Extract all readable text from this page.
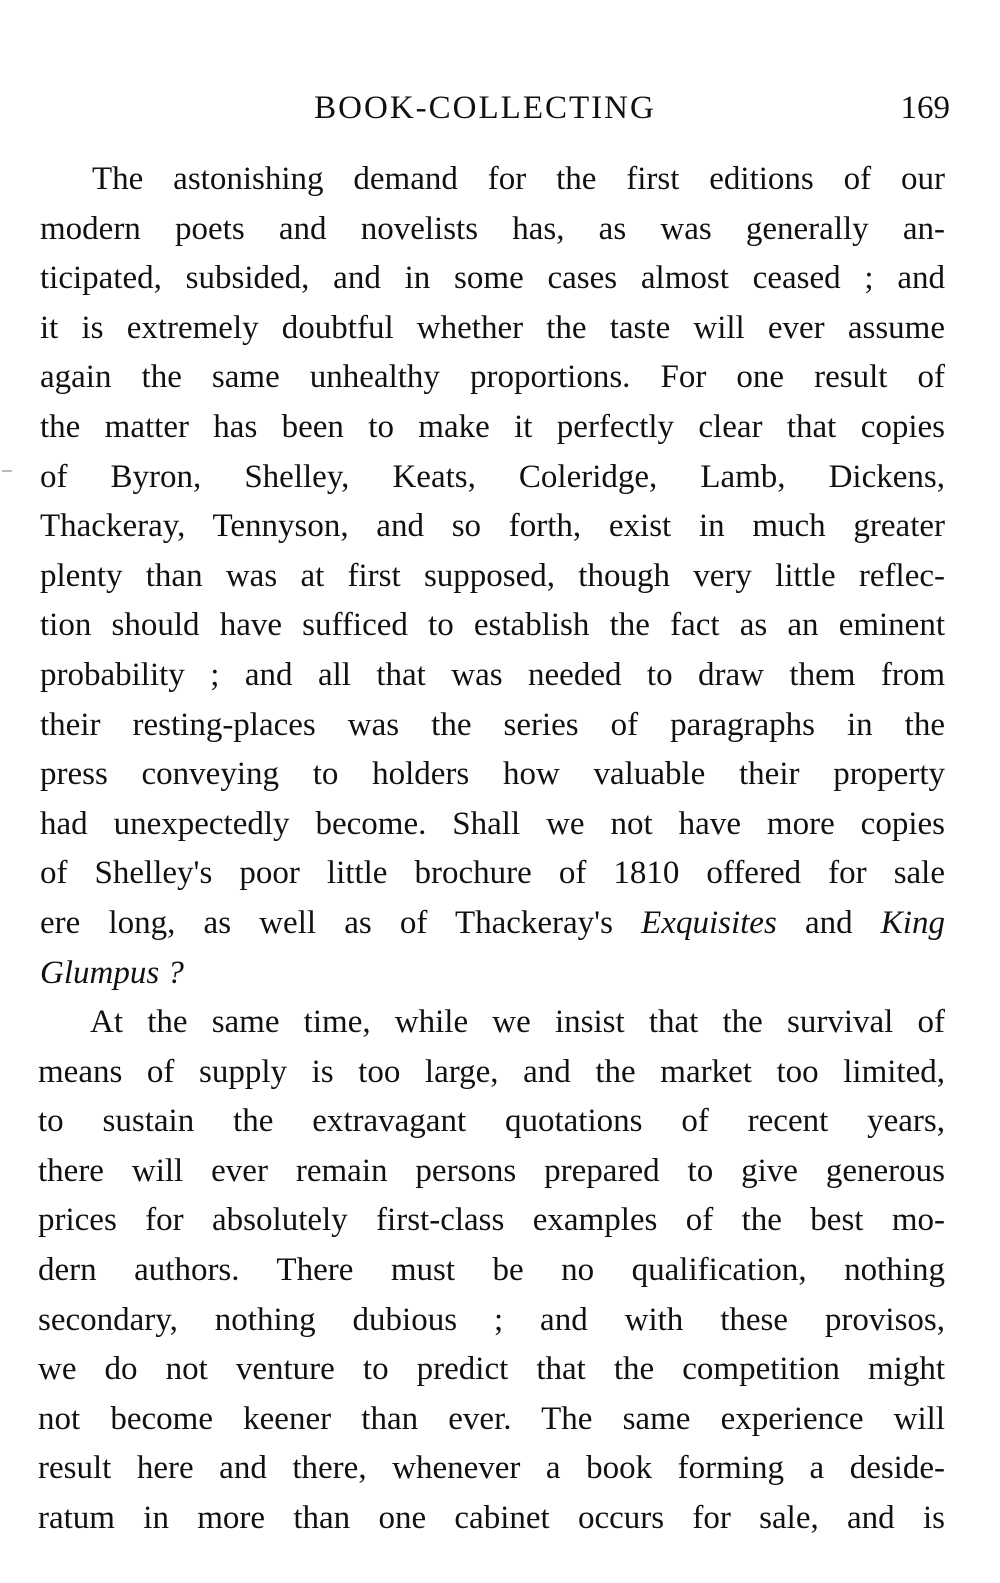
BOOK-COLLECTING	169
The astonishing demand for the first editions of our
modern poets and novelists has, as was generally an-
ticipated, subsided, and in some cases almost ceased ; and
it is extremely doubtful whether the taste will ever assume
again the same unhealthy proportions. For one result of
the matter has been to make it perfectly clear that copies
of Byron, Shelley, Keats, Coleridge, Lamb, Dickens,
Thackeray, Tennyson, and so forth, exist in much greater
plenty than was at first supposed, though very little reflec-
tion should have sufficed to establish the fact as an eminent
probability ; and all that was needed to draw them from
their resting-places was the series of paragraphs in the
press conveying to holders how valuable their property
had unexpectedly become. Shall we not have more copies
of Shelley's poor little brochure of 1810 offered for sale
ere long, as well as of Thackeray's Exquisites and King
Glumpus ?
At the same time, while we insist that the survival of
means of supply is too large, and the market too limited,
to sustain the extravagant quotations of recent years,
there will ever remain persons prepared to give generous
prices for absolutely first-class examples of the best mo-
dern authors. There must be no qualification, nothing
secondary, nothing dubious ; and with these provisos,
we do not venture to predict that the competition might
not become keener than ever. The same experience will
result here and there, whenever a book forming a deside-
ratum in more than one cabinet occurs for sale, and is
